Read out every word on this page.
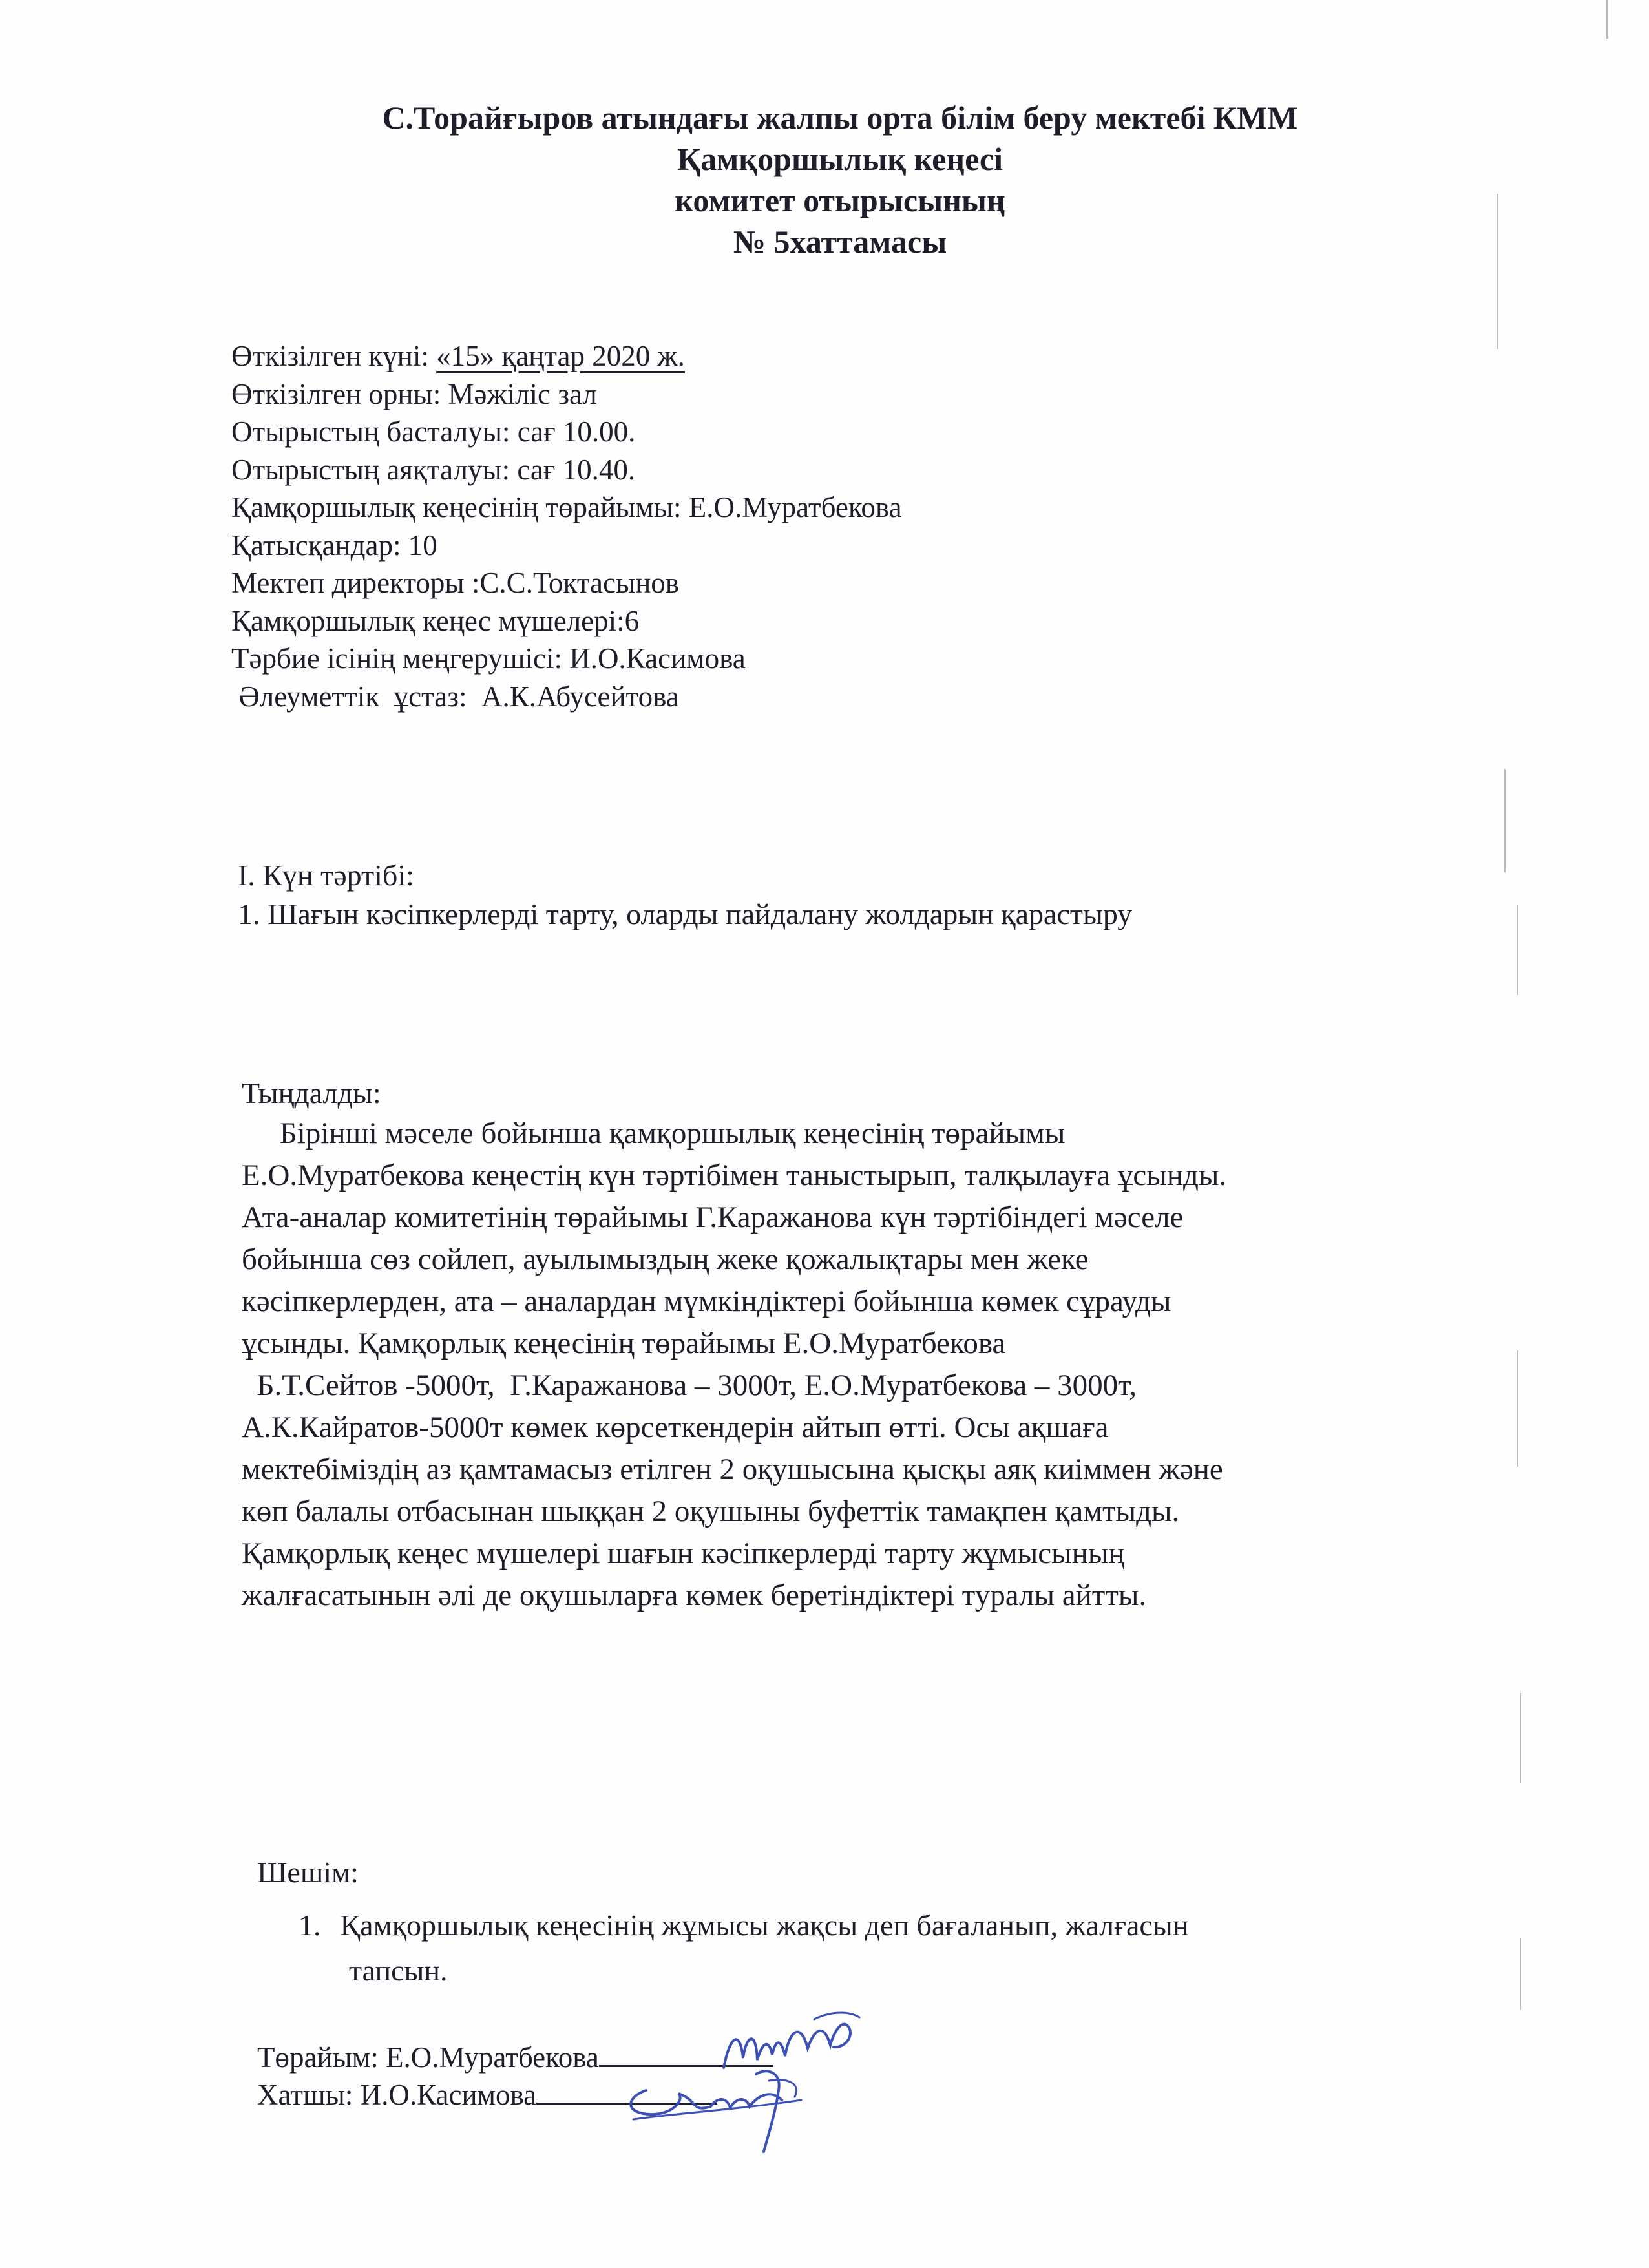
С.Торайғыров атындағы жалпы орта білім беру мектебі КММ
Қамқоршылық кеңесі
комитет отырысының
№ 5хаттамасы
Өткізілген күні: «15» қаңтар 2020 ж.
Өткізілген орны: Мәжіліс зал
Отырыстың басталуы: сағ 10.00.
Отырыстың аяқталуы: сағ 10.40.
Қамқоршылық кеңесінің төрайымы: Е.О.Муратбекова
Қатысқандар: 10
Мектеп директоры :С.С.Токтасынов
Қамқоршылық кеңес мүшелері:6
Тәрбие ісінің меңгерушісі: И.О.Касимова
Әлеуметтік  ұстаз:  А.К.Абусейтова
I. Күн тәртібі:
1. Шағын кәсіпкерлерді тарту, оларды пайдалану жолдарын қарастыру
Тыңдалды:
Бірінші мәселе бойынша қамқоршылық кеңесінің төрайымы
Е.О.Муратбекова кеңестің күн тәртібімен таныстырып, талқылауға ұсынды.
Ата-аналар комитетінің төрайымы Г.Каражанова күн тәртібіндегі мәселе
бойынша сөз сойлеп, ауылымыздың жеке қожалықтары мен жеке
кәсіпкерлерден, ата – аналардан мүмкіндіктері бойынша көмек сұрауды
ұсынды. Қамқорлық кеңесінің төрайымы Е.О.Муратбекова
Б.Т.Сейтов -5000т,  Г.Каражанова – 3000т, Е.О.Муратбекова – 3000т,
А.К.Кайратов-5000т көмек көрсеткендерін айтып өтті. Осы ақшаға
мектебіміздің аз қамтамасыз етілген 2 оқушысына қысқы аяқ киіммен және
көп балалы отбасынан шыққан 2 оқушыны буфеттік тамақпен қамтыды.
Қамқорлық кеңес мүшелері шағын кәсіпкерлерді тарту жұмысының
жалғасатынын әлі де оқушыларға көмек беретіндіктері туралы айтты.
Шешім:
1. Қамқоршылық кеңесінің жұмысы жақсы деп бағаланып, жалғасын
тапсын.
Төрайым: Е.О.Муратбекова
Хатшы: И.О.Касимова
